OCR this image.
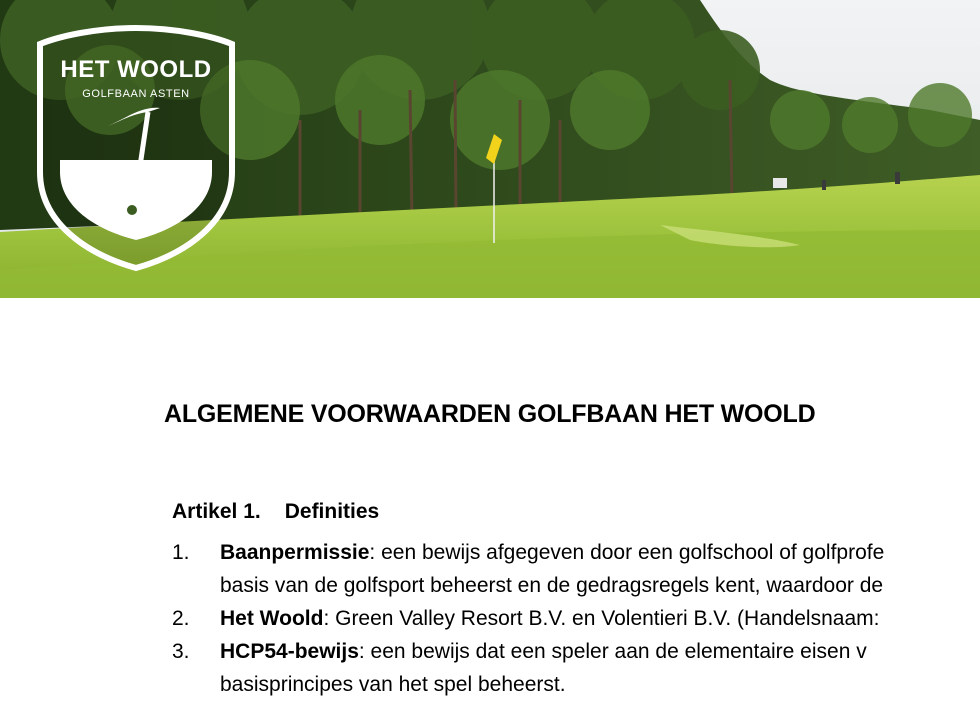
HET WOOLD
GOLFBAAN ASTEN
ALGEMENE VOORWAARDEN GOLFBAAN HET WOOLD
Artikel 1. Definities
1. Baanpermissie: een bewijs afgegeven door een golfschool of golfprofe
basis van de golfsport beheerst en de gedragsregels kent, waardoor de
2. Het Woold: Green Valley Resort B.V. en Volentieri B.V. (Handelsnaam:
3. HCP54-bewijs: een bewijs dat een speler aan de elementaire eisen v
basisprincipes van het spel beheerst.
